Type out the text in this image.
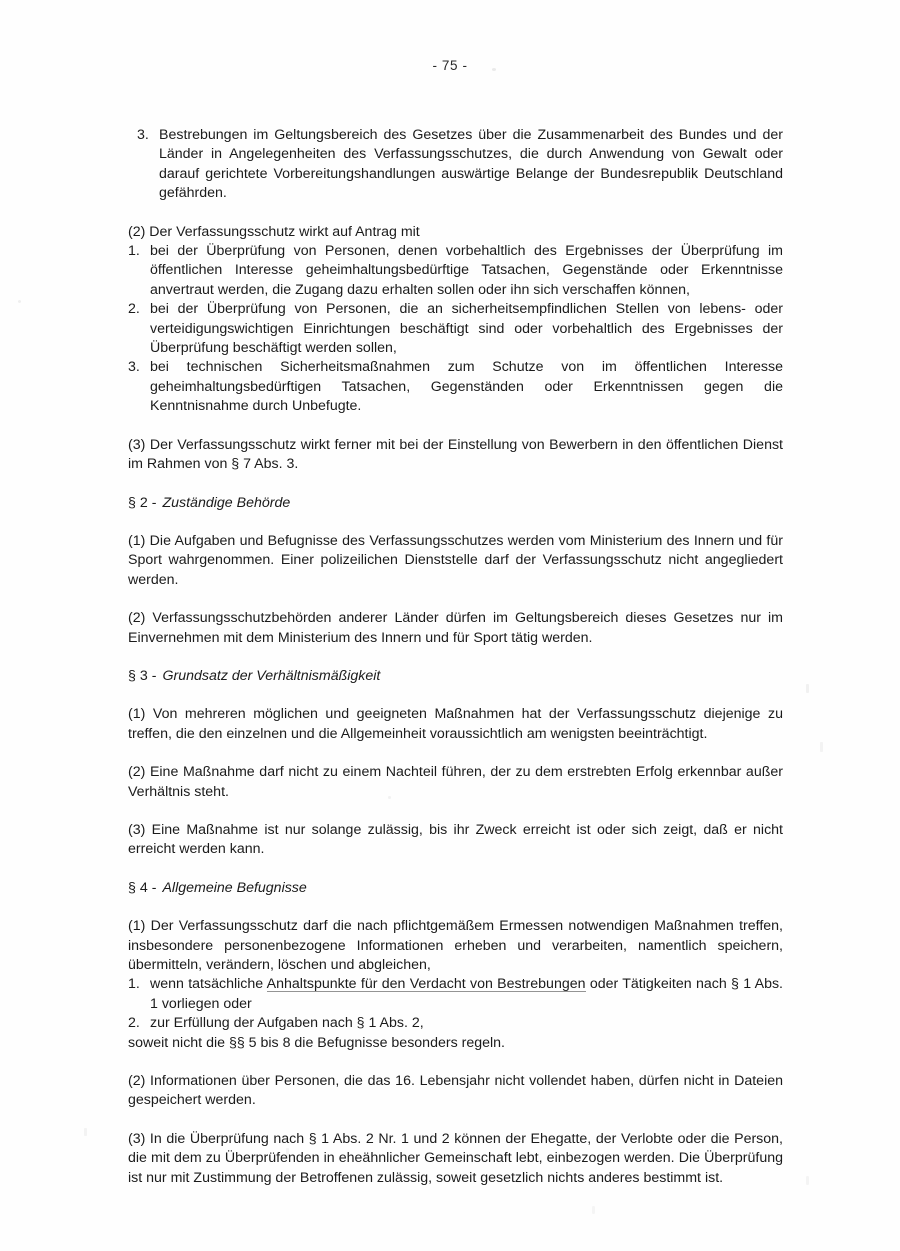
- 75 -
3. Bestrebungen im Geltungsbereich des Gesetzes über die Zusammenarbeit des Bundes und der Länder in Angelegenheiten des Verfassungsschutzes, die durch Anwendung von Gewalt oder darauf gerichtete Vorbereitungshandlungen auswärtige Belange der Bundesrepublik Deutschland gefährden.

(2) Der Verfassungsschutz wirkt auf Antrag mit

1. bei der Überprüfung von Personen, denen vorbehaltlich des Ergebnisses der Überprüfung im öffentlichen Interesse geheimhaltungsbedürftige Tatsachen, Gegenstände oder Erkenntnisse anvertraut werden, die Zugang dazu erhalten sollen oder ihn sich verschaffen können,
2. bei der Überprüfung von Personen, die an sicherheitsempfindlichen Stellen von lebens- oder verteidigungswichtigen Einrichtungen beschäftigt sind oder vorbehaltlich des Ergebnisses der Überprüfung beschäftigt werden sollen,
3. bei technischen Sicherheitsmaßnahmen zum Schutze von im öffentlichen Interesse geheimhaltungsbedürftigen Tatsachen, Gegenständen oder Erkenntnissen gegen die Kenntnisnahme durch Unbefugte.

(3) Der Verfassungsschutz wirkt ferner mit bei der Einstellung von Bewerbern in den öffentlichen Dienst im Rahmen von § 7 Abs. 3.

§ 2 - Zuständige Behörde

(1) Die Aufgaben und Befugnisse des Verfassungsschutzes werden vom Ministerium des Innern und für Sport wahrgenommen. Einer polizeilichen Dienststelle darf der Verfassungsschutz nicht angegliedert werden.

(2) Verfassungsschutzbehörden anderer Länder dürfen im Geltungsbereich dieses Gesetzes nur im Einvernehmen mit dem Ministerium des Innern und für Sport tätig werden.

§ 3 - Grundsatz der Verhältnismäßigkeit

(1) Von mehreren möglichen und geeigneten Maßnahmen hat der Verfassungsschutz diejenige zu treffen, die den einzelnen und die Allgemeinheit voraussichtlich am wenigsten beeinträchtigt.

(2) Eine Maßnahme darf nicht zu einem Nachteil führen, der zu dem erstrebten Erfolg erkennbar außer Verhältnis steht.

(3) Eine Maßnahme ist nur solange zulässig, bis ihr Zweck erreicht ist oder sich zeigt, daß er nicht erreicht werden kann.

§ 4 - Allgemeine Befugnisse

(1) Der Verfassungsschutz darf die nach pflichtgemäßem Ermessen notwendigen Maßnahmen treffen, insbesondere personenbezogene Informationen erheben und verarbeiten, namentlich speichern, übermitteln, verändern, löschen und abgleichen,

1. wenn tatsächliche Anhaltspunkte für den Verdacht von Bestrebungen oder Tätigkeiten nach § 1 Abs. 1 vorliegen oder
2. zur Erfüllung der Aufgaben nach § 1 Abs. 2,

soweit nicht die §§ 5 bis 8 die Befugnisse besonders regeln.

(2) Informationen über Personen, die das 16. Lebensjahr nicht vollendet haben, dürfen nicht in Dateien gespeichert werden.

(3) In die Überprüfung nach § 1 Abs. 2 Nr. 1 und 2 können der Ehegatte, der Verlobte oder die Person, die mit dem zu Überprüfenden in eheähnlicher Gemeinschaft lebt, einbezogen werden. Die Überprüfung ist nur mit Zustimmung der Betroffenen zulässig, soweit gesetzlich nichts anderes bestimmt ist.
